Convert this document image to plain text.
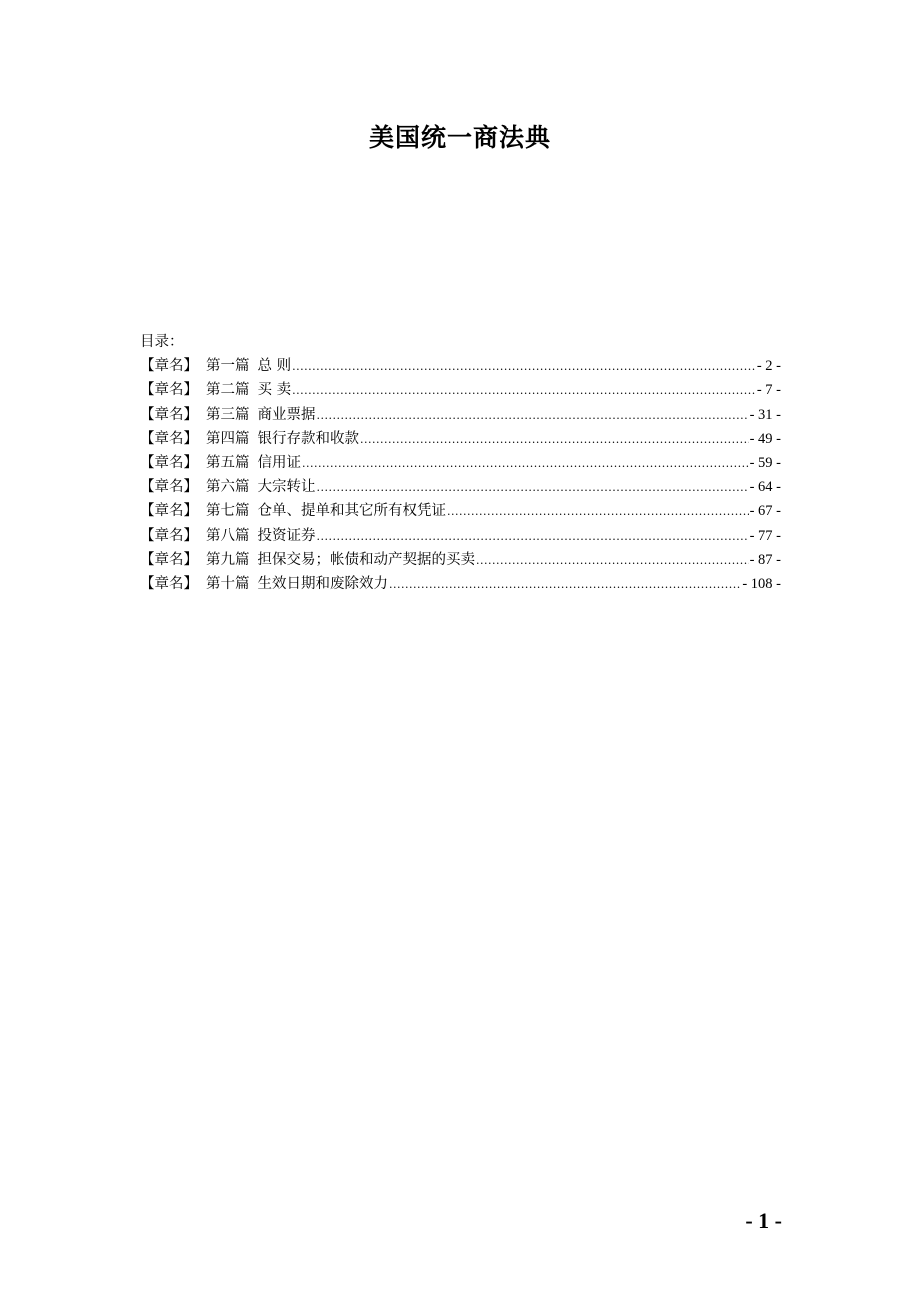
美国统一商法典
目录：
【章名】 第一篇 总 则 .....	- 2 -
【章名】 第二篇 买 卖 .....	- 7 -
【章名】 第三篇 商业票据 .....	- 31 -
【章名】 第四篇 银行存款和收款 .....	- 49 -
【章名】 第五篇 信用证 .....	- 59 -
【章名】 第六篇 大宗转让 .....	- 64 -
【章名】 第七篇 仓单、提单和其它所有权凭证 .....	- 67 -
【章名】 第八篇 投资证券 .....	- 77 -
【章名】 第九篇 担保交易；帐债和动产契据的买卖 .....	- 87 -
【章名】 第十篇 生效日期和废除效力 .....	- 108 -
- 1 -
